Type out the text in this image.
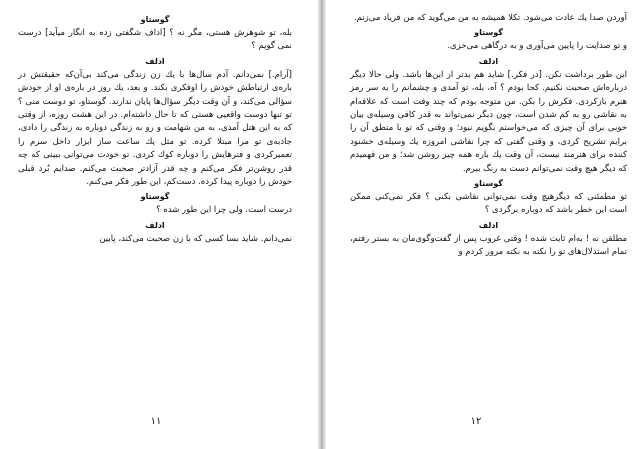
گوستاو

بله، تو شوهرش هستی، مگر نه ؟ [اداف شگفتی زده به انگار میآید] درست نمی گویم ؟

ادلف

[آرام.] نمی‌دانم. آدم سال‌ها با یك زن زندگی می‌كند بی‌آن‌كه حقیقتش در باره‌ی ارتباطش خودش را اوفكری بكند. و بعد، یك روز در باره‌ی او از خودش سؤالی می‌كند، و آن وقت دیگر سؤال‌ها پایان ندارند. گوستاو، تو دوست منی ؟ تو تنها دوست واقعیی هستی كه تا حال داشته‌ام. در این هشت روزه، از وقتی كه به این هتل آمدی، به من شهامت و رو به زندگی دوباره به زندگی را دادی، جاذبه‌ی تو مرا مبتلا كرده. تو مثل یك ساعت ساز ابزار داخل سرم را تعمیركردی و فنرهایش را دوباره كوك كردی. تو خودت می‌توانی ببینی كه چه قدر روشن‌تر فكر می‌كنم و چه قدر آزادتر صحبت می‌كنم. صدایم بُرد قبلی خودش را دوباره پیدا كرده. دست‌كم، این طور فكر می‌كنم.

گوستاو

درست است. ولی چرا این طور شده ؟

ادلف

نمی‌دانم. شاید بسا کسی كه با زن صحبت می‌كند، پایین

١١

آوردن صدا یك عادت می‌شود. تكلا همیشه به من می‌گوید كه من فریاد می‌زنم.

گوستاو

و تو صدایت را پایین می‌آوری و به درگاهی می‌خزی.

ادلف

این طور برداشت نكن. [در فكر.] شاید هم بدتر از این‌ها باشد. ولی حالا دیگر درباره‌اش صحبت نكنیم. كجا بودم ؟ آه، بله، تو آمدی و چشمانم را به سر رمز هنرم بازكردی. فكرش را بكن. من متوجه بودم كه چند وقت است كه علاقه‌ام به نقاشی رو به كم شدن است، چون دیگر نمی‌تواند به قدر كافی وسیله‌ی بیان خوبی برای آن چیزی كه می‌خواستم بگویم نبود؛ و وقتی كه تو با منطق آن را برایم تشریح كردی، و وقتی گفتی كه چرا نقاشی امروزه یك وسیله‌ی خشنود كننده برای هنرمند نیست، آن وقت یك باره همه چیز روشن شد؛ و من فهمیدم كه دیگر هیچ وقت نمی‌توانم دست به رنگ ببرم.

گوستاو

تو مطمئنی كه دیگرهیچ وقت نمی‌توانی نقاشی بكنی ؟ فكر نمی‌كنی ممكن است این خطر باشد كه دوباره برگردی ؟

ادلف

مطلقن نه ! به‌ام ثابت شده ! وقتی غروب پس از گفت‌وگوی‌مان به بستر رفتم، تمام استدلال‌های تو را نكته به نكته مرور كردم و

١٢
